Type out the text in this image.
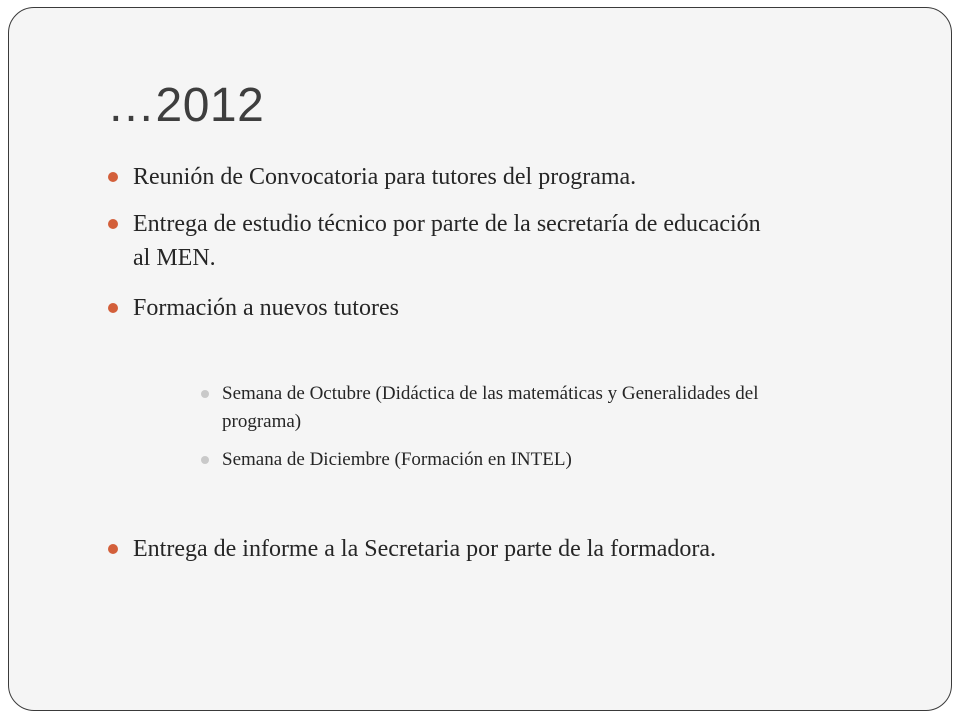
…2012
Reunión de Convocatoria para tutores del programa.
Entrega de estudio técnico por parte de la secretaría de educación
al MEN.
Formación a nuevos tutores
Semana de Octubre (Didáctica de las matemáticas y Generalidades del
programa)
Semana de Diciembre (Formación en INTEL)
Entrega de informe a la Secretaria por parte de la formadora.
